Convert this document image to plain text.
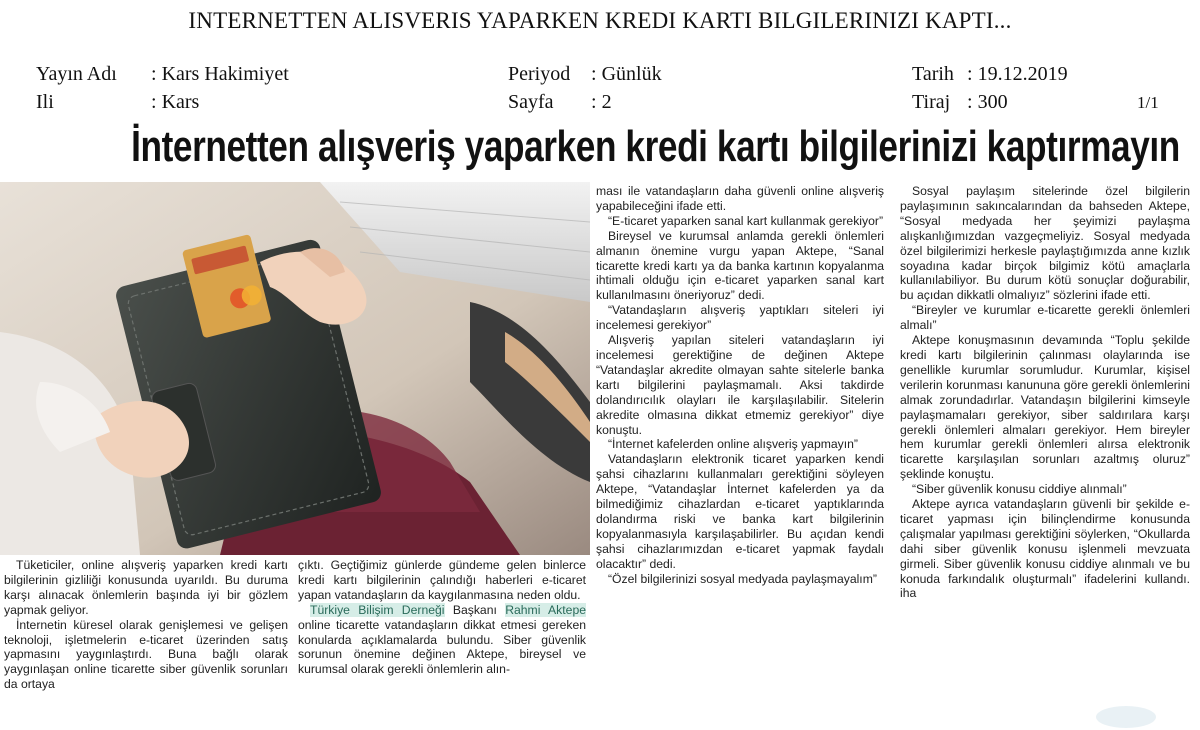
INTERNETTEN ALISVERIS YAPARKEN KREDI KARTI BILGILERINIZI KAPTI...
Yayın Adı : Kars Hakimiyet
Ili	: Kars
Periyod : Günlük
Sayfa : 2
Tarih : 19.12.2019
Tiraj : 300	1/1
İnternetten alışveriş yaparken kredi kartı bilgilerinizi kaptırmayın

Tüketiciler, online alışveriş yaparken kredi kartı bilgilerinin gizliliği konusunda uyarıldı. Bu duruma karşı alınacak önlemlerin başında iyi bir gözlem yapmak geliyor.

İnternetin küresel olarak genişlemesi ve gelişen teknoloji, işletmelerin e-ticaret üzerinden satış yapmasını yaygınlaştırdı. Buna bağlı olarak yaygınlaşan online ticarette siber güvenlik sorunları da ortaya

çıktı. Geçtiğimiz günlerde gündeme gelen binlerce kredi kartı bilgilerinin çalındığı haberleri e-ticaret yapan vatandaşların da kaygılanmasına neden oldu.

Türkiye Bilişim Derneği Başkanı Rahmi Aktepe online ticarette vatandaşların dikkat etmesi gereken konularda açıklamalarda bulundu. Siber güvenlik sorunun önemine değinen Aktepe, bireysel ve kurumsal olarak gerekli önlemlerin alın-

ması ile vatandaşların daha güvenli online alışveriş yapabileceğini ifade etti.

“E-ticaret yaparken sanal kart kullanmak gerekiyor”

Bireysel ve kurumsal anlamda gerekli önlemleri almanın önemine vurgu yapan Aktepe, “Sanal ticarette kredi kartı ya da banka kartının kopyalanma ihtimali olduğu için e-ticaret yaparken sanal kart kullanılmasını öneriyoruz” dedi.

“Vatandaşların alışveriş yaptıkları siteleri iyi incelemesi gerekiyor”

Alışveriş yapılan siteleri vatandaşların iyi incelemesi gerektiğine de değinen Aktepe “Vatandaşlar akredite olmayan sahte sitelerle banka kartı bilgilerini paylaşmamalı. Aksi takdirde dolandırıcılık olayları ile karşılaşılabilir. Sitelerin akredite olmasına dikkat etmemiz gerekiyor” diye konuştu.

“İnternet kafelerden online alışveriş yapmayın”

Vatandaşların elektronik ticaret yaparken kendi şahsi cihazlarını kullanmaları gerektiğini söyleyen Aktepe, “Vatandaşlar İnternet kafelerden ya da bilmediğimiz cihazlardan e-ticaret yaptıklarında dolandırma riski ve banka kart bilgilerinin kopyalanmasıyla karşılaşabilirler. Bu açıdan kendi şahsi cihazlarımızdan e-ticaret yapmak faydalı olacaktır” dedi.

“Özel bilgilerinizi sosyal medyada paylaşmayalım”

Sosyal paylaşım sitelerinde özel bilgilerin paylaşımının sakıncalarından da bahseden Aktepe, “Sosyal medyada her şeyimizi paylaşma alışkanlığımızdan vazgeçmeliyiz. Sosyal medyada özel bilgilerimizi herkesle paylaştığımızda anne kızlık soyadına kadar birçok bilgimiz kötü amaçlarla kullanılabiliyor. Bu durum kötü sonuçlar doğurabilir, bu açıdan dikkatli olmalıyız” sözlerini ifade etti.

“Bireyler ve kurumlar e-ticarette gerekli önlemleri almalı”

Aktepe konuşmasının devamında “Toplu şekilde kredi kartı bilgilerinin çalınması olaylarında ise genellikle kurumlar sorumludur. Kurumlar, kişisel verilerin korunması kanununa göre gerekli önlemlerini almak zorundadırlar. Vatandaşın bilgilerini kimseyle paylaşmamaları gerekiyor, siber saldırılara karşı gerekli önlemleri almaları gerekiyor. Hem bireyler hem kurumlar gerekli önlemleri alırsa elektronik ticarette karşılaşılan sorunları azaltmış oluruz” şeklinde konuştu.

“Siber güvenlik konusu ciddiye alınmalı”

Aktepe ayrıca vatandaşların güvenli bir şekilde e-ticaret yapması için bilinçlendirme konusunda çalışmalar yapılması gerektiğini söylerken, “Okullarda dahi siber güvenlik konusu işlenmeli mevzuata girmeli. Siber güvenlik konusu ciddiye alınmalı ve bu konuda farkındalık oluşturmalı” ifadelerini kullandı. iha
